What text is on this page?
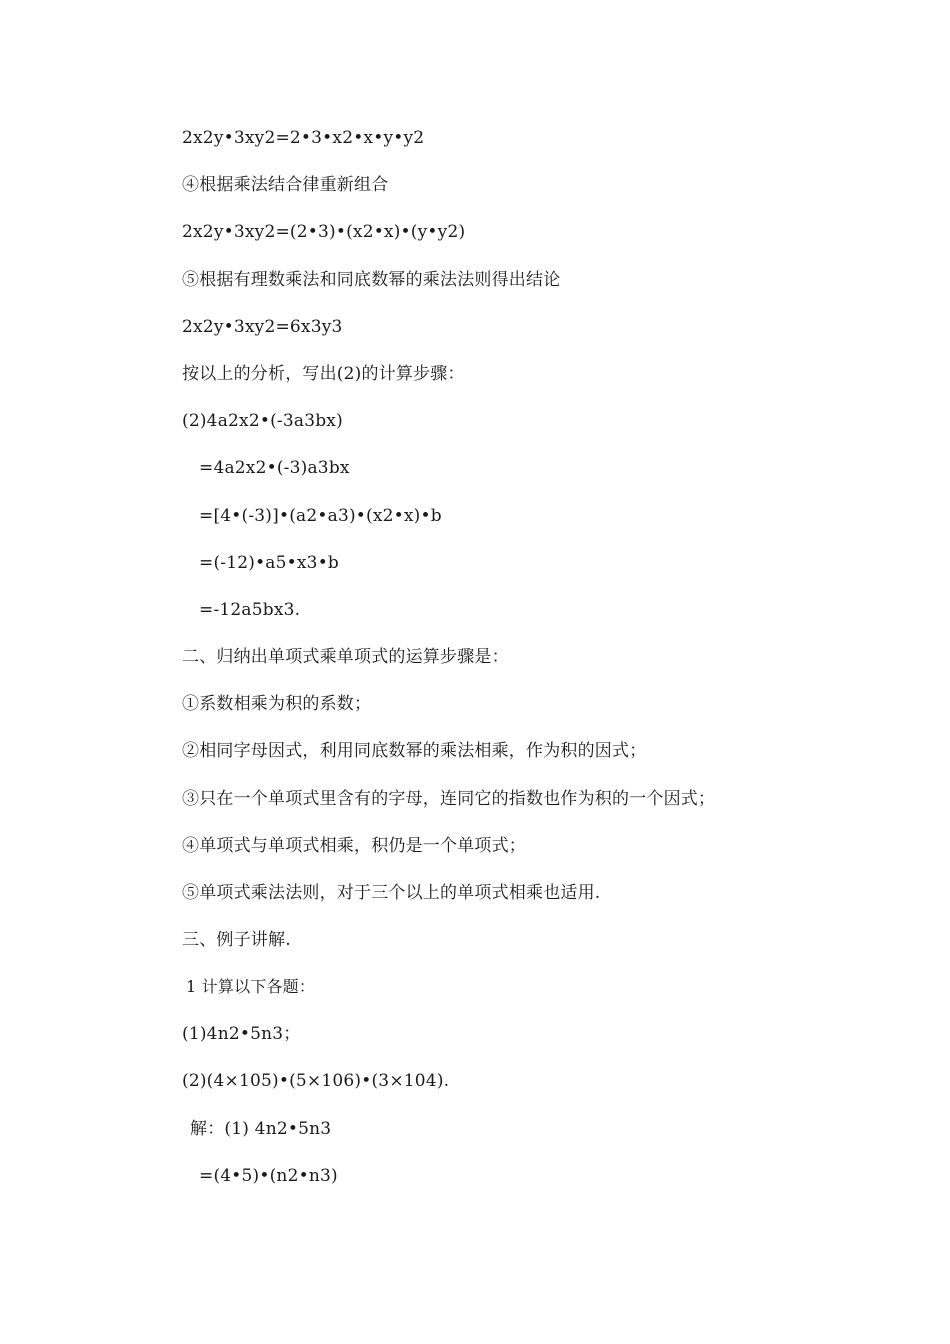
2x2y•3xy2=2•3•x2•x•y•y2
④根据乘法结合律重新组合
2x2y•3xy2=(2•3)•(x2•x)•(y•y2)
⑤根据有理数乘法和同底数幂的乘法法则得出结论
2x2y•3xy2=6x3y3
按以上的分析，写出(2)的计算步骤：
(2)4a2x2•(-3a3bx)
=4a2x2•(-3)a3bx
=[4•(-3)]•(a2•a3)•(x2•x)•b
=(-12)•a5•x3•b
=-12a5bx3.
二、归纳出单项式乘单项式的运算步骤是：
①系数相乘为积的系数；
②相同字母因式，利用同底数幂的乘法相乘，作为积的因式；
③只在一个单项式里含有的字母，连同它的指数也作为积的一个因式；
④单项式与单项式相乘，积仍是一个单项式；
⑤单项式乘法法则，对于三个以上的单项式相乘也适用.
三、例子讲解.
1 计算以下各题：
(1)4n2•5n3；
(2)(4×105)•(5×106)•(3×104).
解：(1) 4n2•5n3
=(4•5)•(n2•n3)
